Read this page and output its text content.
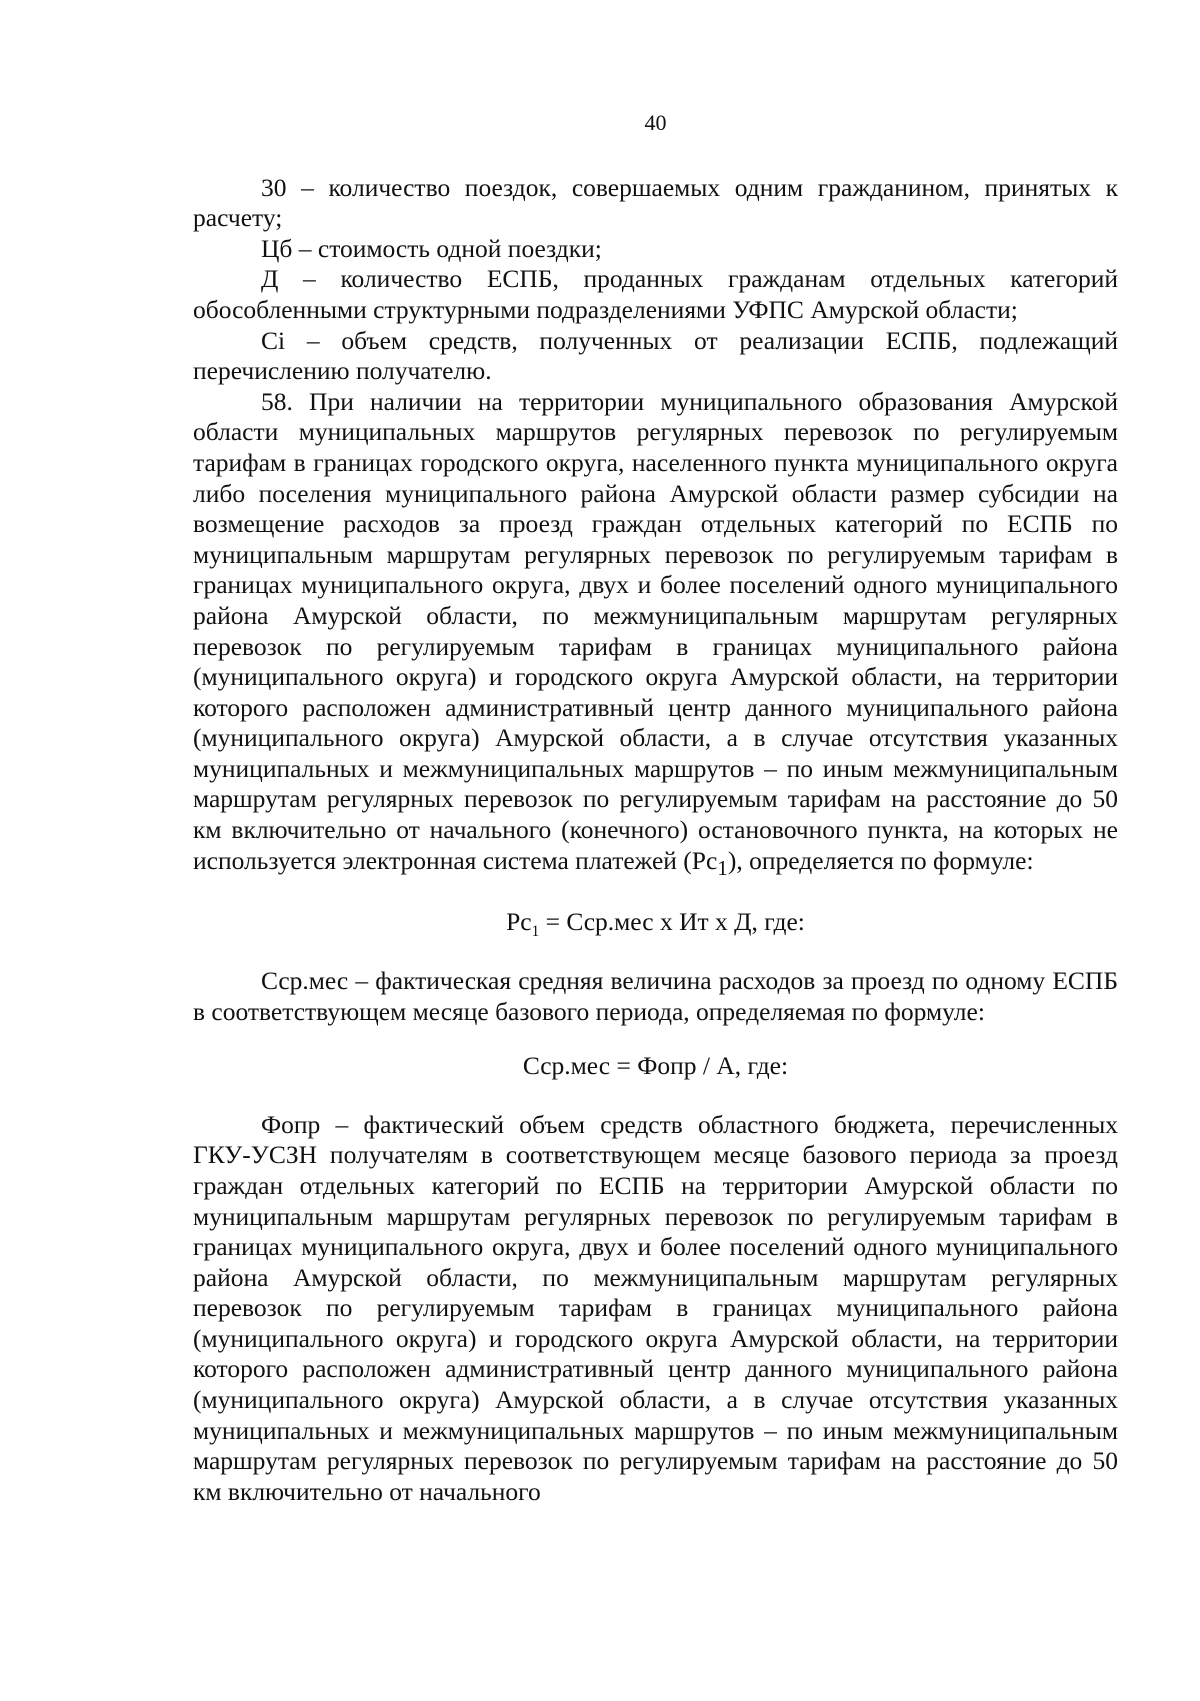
40

30 – количество поездок, совершаемых одним гражданином, принятых к расчету;

Цб – стоимость одной поездки;

Д – количество ЕСПБ, проданных гражданам отдельных категорий обособленными структурными подразделениями УФПС Амурской области;

Сi – объем средств, полученных от реализации ЕСПБ, подлежащий перечислению получателю.

58. При наличии на территории муниципального образования Амурской области муниципальных маршрутов регулярных перевозок по регулируемым тарифам в границах городского округа, населенного пункта муниципального округа либо поселения муниципального района Амурской области размер субсидии на возмещение расходов за проезд граждан отдельных категорий по ЕСПБ по муниципальным маршрутам регулярных перевозок по регулируемым тарифам в границах муниципального округа, двух и более поселений одного муниципального района Амурской области, по межмуниципальным маршрутам регулярных перевозок по регулируемым тарифам в границах муниципального района (муниципального округа) и городского округа Амурской области, на территории которого расположен административный центр данного муниципального района (муниципального округа) Амурской области, а в случае отсутствия указанных муниципальных и межмуниципальных маршрутов – по иным межмуниципальным маршрутам регулярных перевозок по регулируемым тарифам на расстояние до 50 км включительно от начального (конечного) остановочного пункта, на которых не используется электронная система платежей $(Рс_1)$, определяется по формуле:

$Рс_1 = Сср.мес$ х Ит х Д, где:

Сср.мес – фактическая средняя величина расходов за проезд по одному ЕСПБ в соответствующем месяце базового периода, определяемая по формуле:

Сср.мес = Фопр / А, где:

Фопр – фактический объем средств областного бюджета, перечисленных ГКУ-УСЗН получателям в соответствующем месяце базового периода за проезд граждан отдельных категорий по ЕСПБ на территории Амурской области по муниципальным маршрутам регулярных перевозок по регулируемым тарифам в границах муниципального округа, двух и более поселений одного муниципального района Амурской области, по межмуниципальным маршрутам регулярных перевозок по регулируемым тарифам в границах муниципального района (муниципального округа) и городского округа Амурской области, на территории которого расположен административный центр данного муниципального района (муниципального округа) Амурской области, а в случае отсутствия указанных муниципальных и межмуниципальных маршрутов – по иным межмуниципальным маршрутам регулярных перевозок по регулируемым тарифам на расстояние до 50 км включительно от начального
